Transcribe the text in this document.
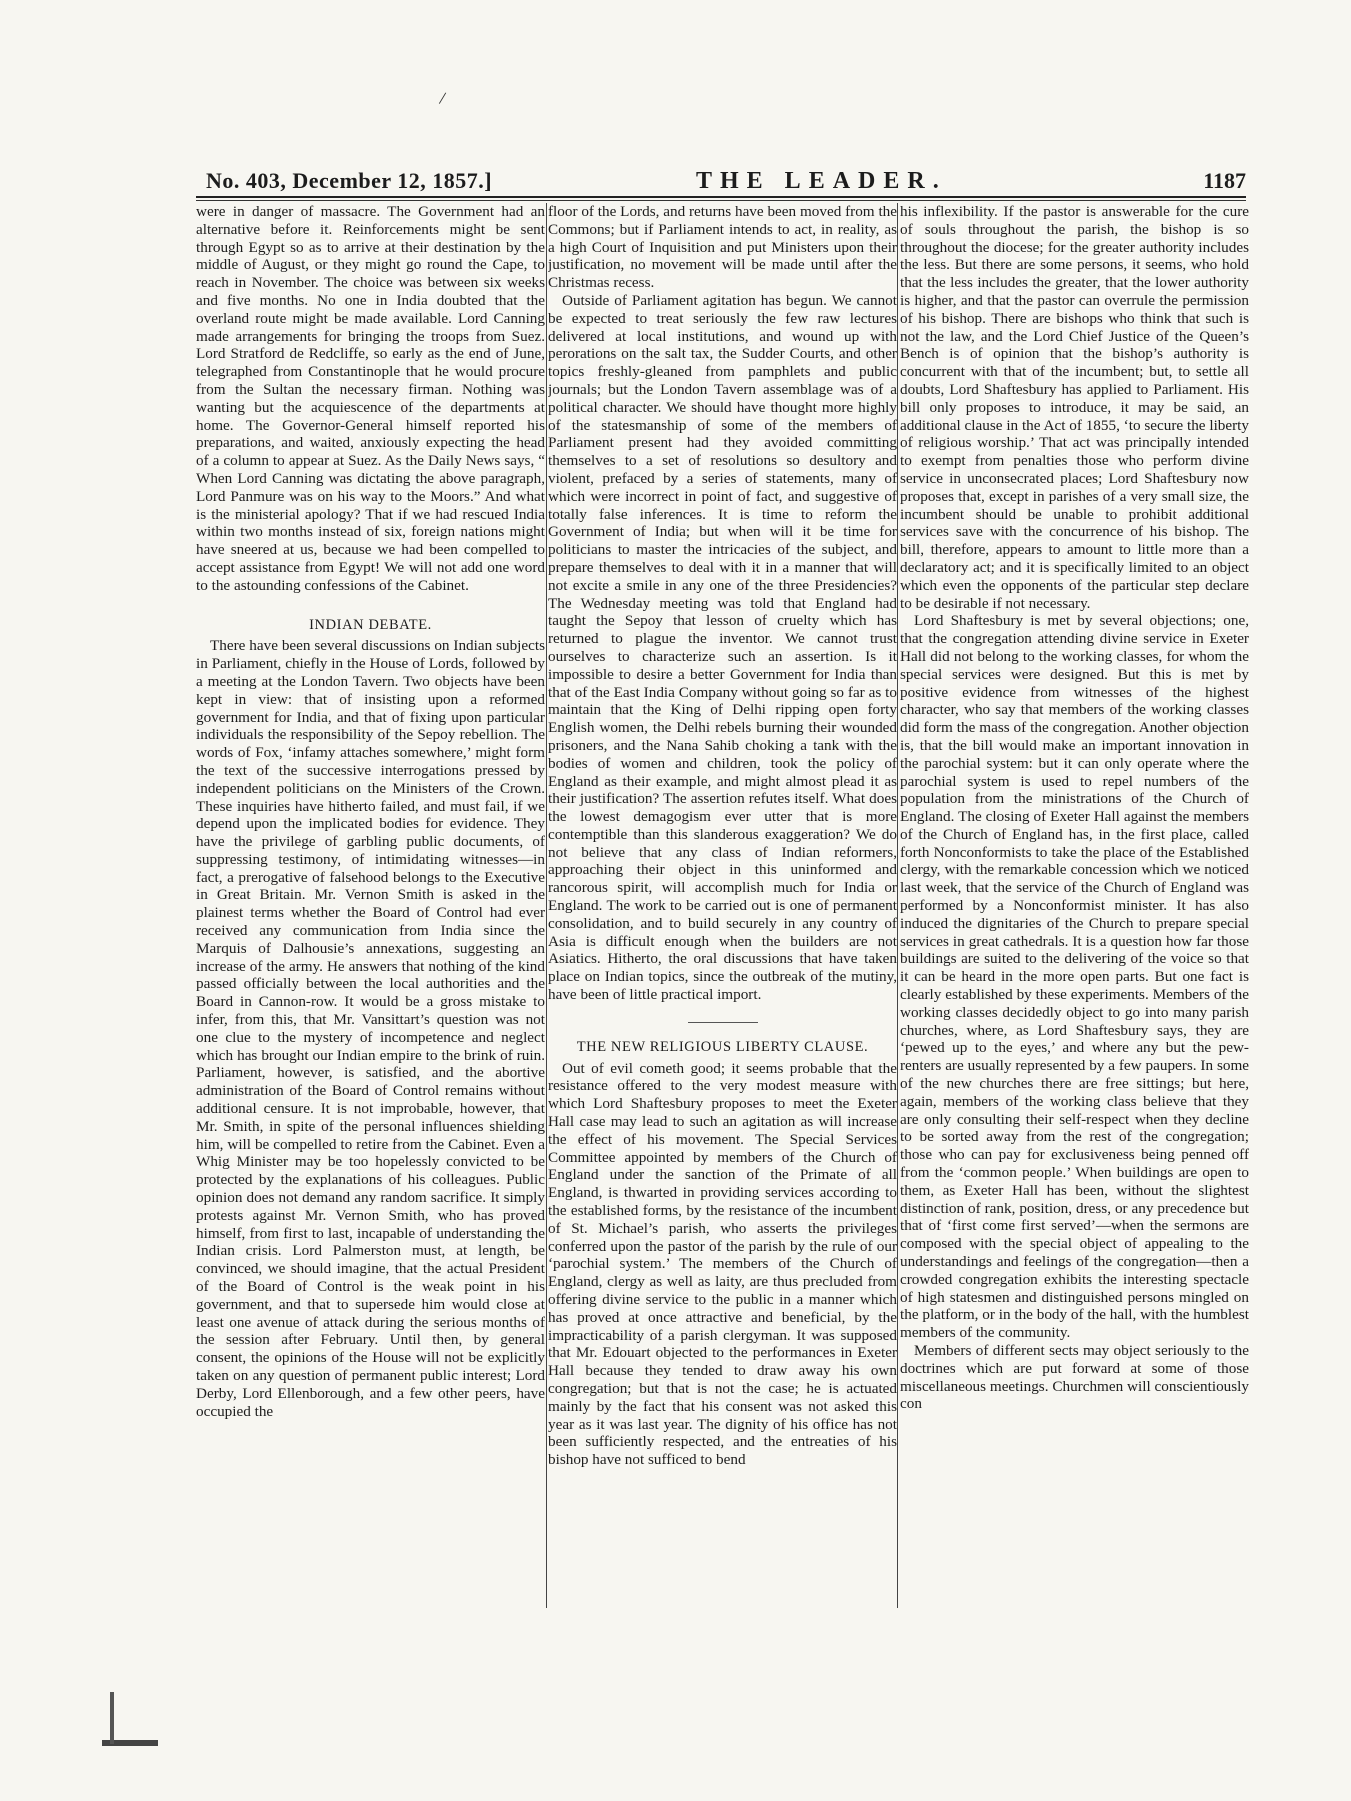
/
No. 403, December 12, 1857.]	THE LEADER.	1187

were in danger of massacre. The Government had an alternative before it. Reinforcements might be sent through Egypt so as to arrive at their destination by the middle of August, or they might go round the Cape, to reach in November. The choice was between six weeks and five months. No one in India doubted that the overland route might be made available. Lord Canning made arrangements for bringing the troops from Suez. Lord Stratford de Redcliffe, so early as the end of June, telegraphed from Constantinople that he would procure from the Sultan the necessary firman. Nothing was wanting but the acquiescence of the departments at home. The Governor-General himself reported his preparations, and waited, anxiously expecting the head of a column to appear at Suez. As the Daily News says, “ When Lord Canning was dictating the above paragraph, Lord Panmure was on his way to the Moors.” And what is the ministerial apology? That if we had rescued India within two months instead of six, foreign nations might have sneered at us, because we had been compelled to accept assistance from Egypt! We will not add one word to the astounding confessions of the Cabinet.

INDIAN DEBATE.

There have been several discussions on Indian subjects in Parliament, chiefly in the House of Lords, followed by a meeting at the London Tavern. Two objects have been kept in view: that of insisting upon a reformed government for India, and that of fixing upon particular individuals the responsibility of the Sepoy rebellion. The words of Fox, ‘infamy attaches somewhere,’ might form the text of the successive interrogations pressed by independent politicians on the Ministers of the Crown. These inquiries have hitherto failed, and must fail, if we depend upon the implicated bodies for evidence. They have the privilege of garbling public documents, of suppressing testimony, of intimidating witnesses—in fact, a prerogative of falsehood belongs to the Executive in Great Britain. Mr. Vernon Smith is asked in the plainest terms whether the Board of Control had ever received any communication from India since the Marquis of Dalhousie’s annexations, suggesting an increase of the army. He answers that nothing of the kind passed officially between the local authorities and the Board in Cannon-row. It would be a gross mistake to infer, from this, that Mr. Vansittart’s question was not one clue to the mystery of incompetence and neglect which has brought our Indian empire to the brink of ruin. Parliament, however, is satisfied, and the abortive administration of the Board of Control remains without additional censure. It is not improbable, however, that Mr. Smith, in spite of the personal influences shielding him, will be compelled to retire from the Cabinet. Even a Whig Minister may be too hopelessly convicted to be protected by the explanations of his colleagues. Public opinion does not demand any random sacrifice. It simply protests against Mr. Vernon Smith, who has proved himself, from first to last, incapable of understanding the Indian crisis. Lord Palmerston must, at length, be convinced, we should imagine, that the actual President of the Board of Control is the weak point in his government, and that to supersede him would close at least one avenue of attack during the serious months of the session after February. Until then, by general consent, the opinions of the House will not be explicitly taken on any question of permanent public interest; Lord Derby, Lord Ellenborough, and a few other peers, have occupied the

floor of the Lords, and returns have been moved from the Commons; but if Parliament intends to act, in reality, as a high Court of Inquisition and put Ministers upon their justification, no movement will be made until after the Christmas recess.

Outside of Parliament agitation has begun. We cannot be expected to treat seriously the few raw lectures delivered at local institutions, and wound up with perorations on the salt tax, the Sudder Courts, and other topics freshly-gleaned from pamphlets and public journals; but the London Tavern assemblage was of a political character. We should have thought more highly of the statesmanship of some of the members of Parliament present had they avoided committing themselves to a set of resolutions so desultory and violent, prefaced by a series of statements, many of which were incorrect in point of fact, and suggestive of totally false inferences. It is time to reform the Government of India; but when will it be time for politicians to master the intricacies of the subject, and prepare themselves to deal with it in a manner that will not excite a smile in any one of the three Presidencies? The Wednesday meeting was told that England had taught the Sepoy that lesson of cruelty which has returned to plague the inventor. We cannot trust ourselves to characterize such an assertion. Is it impossible to desire a better Government for India than that of the East India Company without going so far as to maintain that the King of Delhi ripping open forty English women, the Delhi rebels burning their wounded prisoners, and the Nana Sahib choking a tank with the bodies of women and children, took the policy of England as their example, and might almost plead it as their justification? The assertion refutes itself. What does the lowest demagogism ever utter that is more contemptible than this slanderous exaggeration? We do not believe that any class of Indian reformers, approaching their object in this uninformed and rancorous spirit, will accomplish much for India or England. The work to be carried out is one of permanent consolidation, and to build securely in any country of Asia is difficult enough when the builders are not Asiatics. Hitherto, the oral discussions that have taken place on Indian topics, since the outbreak of the mutiny, have been of little practical import.

THE NEW RELIGIOUS LIBERTY CLAUSE.

Out of evil cometh good; it seems probable that the resistance offered to the very modest measure with which Lord Shaftesbury proposes to meet the Exeter Hall case may lead to such an agitation as will increase the effect of his movement. The Special Services Committee appointed by members of the Church of England under the sanction of the Primate of all England, is thwarted in providing services according to the established forms, by the resistance of the incumbent of St. Michael’s parish, who asserts the privileges conferred upon the pastor of the parish by the rule of our ‘parochial system.’ The members of the Church of England, clergy as well as laity, are thus precluded from offering divine service to the public in a manner which has proved at once attractive and beneficial, by the impracticability of a parish clergyman. It was supposed that Mr. Edouart objected to the performances in Exeter Hall because they tended to draw away his own congregation; but that is not the case; he is actuated mainly by the fact that his consent was not asked this year as it was last year. The dignity of his office has not been sufficiently respected, and the entreaties of his bishop have not sufficed to bend

his inflexibility. If the pastor is answerable for the cure of souls throughout the parish, the bishop is so throughout the diocese; for the greater authority includes the less. But there are some persons, it seems, who hold that the less includes the greater, that the lower authority is higher, and that the pastor can overrule the permission of his bishop. There are bishops who think that such is not the law, and the Lord Chief Justice of the Queen’s Bench is of opinion that the bishop’s authority is concurrent with that of the incumbent; but, to settle all doubts, Lord Shaftesbury has applied to Parliament. His bill only proposes to introduce, it may be said, an additional clause in the Act of 1855, ‘to secure the liberty of religious worship.’ That act was principally intended to exempt from penalties those who perform divine service in unconsecrated places; Lord Shaftesbury now proposes that, except in parishes of a very small size, the incumbent should be unable to prohibit additional services save with the concurrence of his bishop. The bill, therefore, appears to amount to little more than a declaratory act; and it is specifically limited to an object which even the opponents of the particular step declare to be desirable if not necessary.

Lord Shaftesbury is met by several objections; one, that the congregation attending divine service in Exeter Hall did not belong to the working classes, for whom the special services were designed. But this is met by positive evidence from witnesses of the highest character, who say that members of the working classes did form the mass of the congregation. Another objection is, that the bill would make an important innovation in the parochial system: but it can only operate where the parochial system is used to repel numbers of the population from the ministrations of the Church of England. The closing of Exeter Hall against the members of the Church of England has, in the first place, called forth Nonconformists to take the place of the Established clergy, with the remarkable concession which we noticed last week, that the service of the Church of England was performed by a Nonconformist minister. It has also induced the dignitaries of the Church to prepare special services in great cathedrals. It is a question how far those buildings are suited to the delivering of the voice so that it can be heard in the more open parts. But one fact is clearly established by these experiments. Members of the working classes decidedly object to go into many parish churches, where, as Lord Shaftesbury says, they are ‘pewed up to the eyes,’ and where any but the pew-renters are usually represented by a few paupers. In some of the new churches there are free sittings; but here, again, members of the working class believe that they are only consulting their self-respect when they decline to be sorted away from the rest of the congregation; those who can pay for exclusiveness being penned off from the ‘common people.’ When buildings are open to them, as Exeter Hall has been, without the slightest distinction of rank, position, dress, or any precedence but that of ‘first come first served’—when the sermons are composed with the special object of appealing to the understandings and feelings of the congregation—then a crowded congregation exhibits the interesting spectacle of high statesmen and distinguished persons mingled on the platform, or in the body of the hall, with the humblest members of the community.

Members of different sects may object seriously to the doctrines which are put forward at some of those miscellaneous meetings. Churchmen will conscientiously con
